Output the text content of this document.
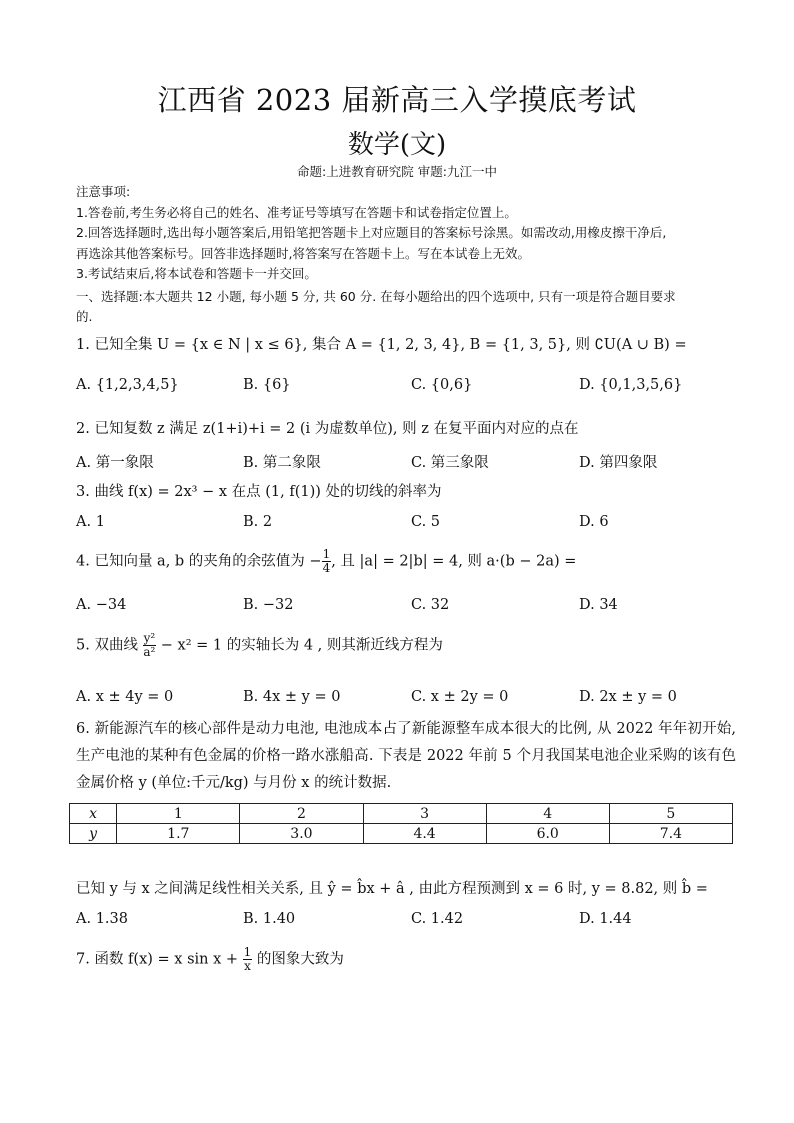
江西省 2023 届新高三入学摸底考试
数学(文)
命题:上进教育研究院 审题:九江一中
注意事项:
1.答卷前,考生务必将自己的姓名、准考证号等填写在答题卡和试卷指定位置上。
2.回答选择题时,选出每小题答案后,用铅笔把答题卡上对应题目的答案标号涂黑。如需改动,用橡皮擦干净后,
再选涂其他答案标号。回答非选择题时,将答案写在答题卡上。写在本试卷上无效。
3.考试结束后,将本试卷和答题卡一并交回。
一、选择题:本大题共 12 小题, 每小题 5 分, 共 60 分. 在每小题给出的四个选项中, 只有一项是符合题目要求
的.
1. 已知全集 U = {x ∈ N | x ≤ 6}, 集合 A = {1, 2, 3, 4}, B = {1, 3, 5}, 则 ∁U(A ∪ B) =
A. {1,2,3,4,5}	B. {6}	C. {0,6}	D. {0,1,3,5,6}
2. 已知复数 z 满足 z(1+i)+i = 2 (i 为虚数单位), 则 z 在复平面内对应的点在
A. 第一象限	B. 第二象限	C. 第三象限	D. 第四象限
3. 曲线 f(x) = 2x³ − x 在点 (1, f(1)) 处的切线的斜率为
A. 1	B. 2	C. 5	D. 6
4. 已知向量 a, b 的夹角的余弦值为 − $\frac{1}{4}$ , 且 |a| = 2|b| = 4, 则 a·(b − 2a) =
A. −34	B. −32	C. 32	D. 34
5. 双曲线 $\frac{\text{y²}}{\text{a²}} - x^2 = 1$ 的实轴长为 4 , 则其渐近线方程为
A. x ± 4y = 0	B. 4x ± y = 0	C. x ± 2y = 0	D. 2x ± y = 0
6. 新能源汽车的核心部件是动力电池, 电池成本占了新能源整车成本很大的比例, 从 2022 年年初开始, 生产电池的某种有色金属的价格一路水涨船高. 下表是 2022 年前 5 个月我国某电池企业采购的该有色金属价格 y (单位:千元/kg) 与月份 x 的统计数据.
x	1	2	3	4	5
y	1.7	3.0	4.4	6.0	7.4
已知 y 与 x 之间满足线性相关关系, 且 ŷ = b̂x + â , 由此方程预测到 x = 6 时, y = 8.82, 则 b̂ =
A. 1.38	B. 1.40	C. 1.42	D. 1.44
7. 函数 f(x) = x $\sin x + \frac{1}{x}$ 的图象大致为
